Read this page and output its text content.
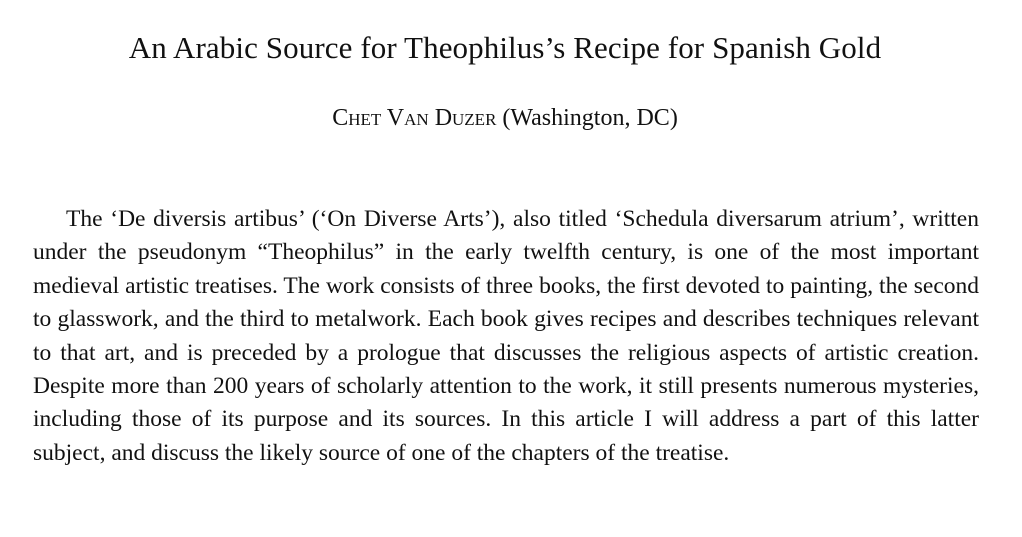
An Arabic Source for Theophilus’s Recipe for Spanish Gold

Chet Van Duzer (Washington, DC)

The ‘De diversis artibus’ (‘On Diverse Arts’), also titled ‘Schedula diversarum atrium’, written under the pseudonym “Theophilus” in the early twelfth century, is one of the most important medieval artistic treatises. The work consists of three books, the first devoted to painting, the second to glasswork, and the third to metalwork. Each book gives recipes and describes techniques relevant to that art, and is preceded by a prologue that discusses the religious aspects of artistic creation. Despite more than 200 years of scholarly attention to the work, it still presents numerous mysteries, including those of its purpose and its sources. In this article I will address a part of this latter subject, and discuss the likely source of one of the chapters of the treatise.
